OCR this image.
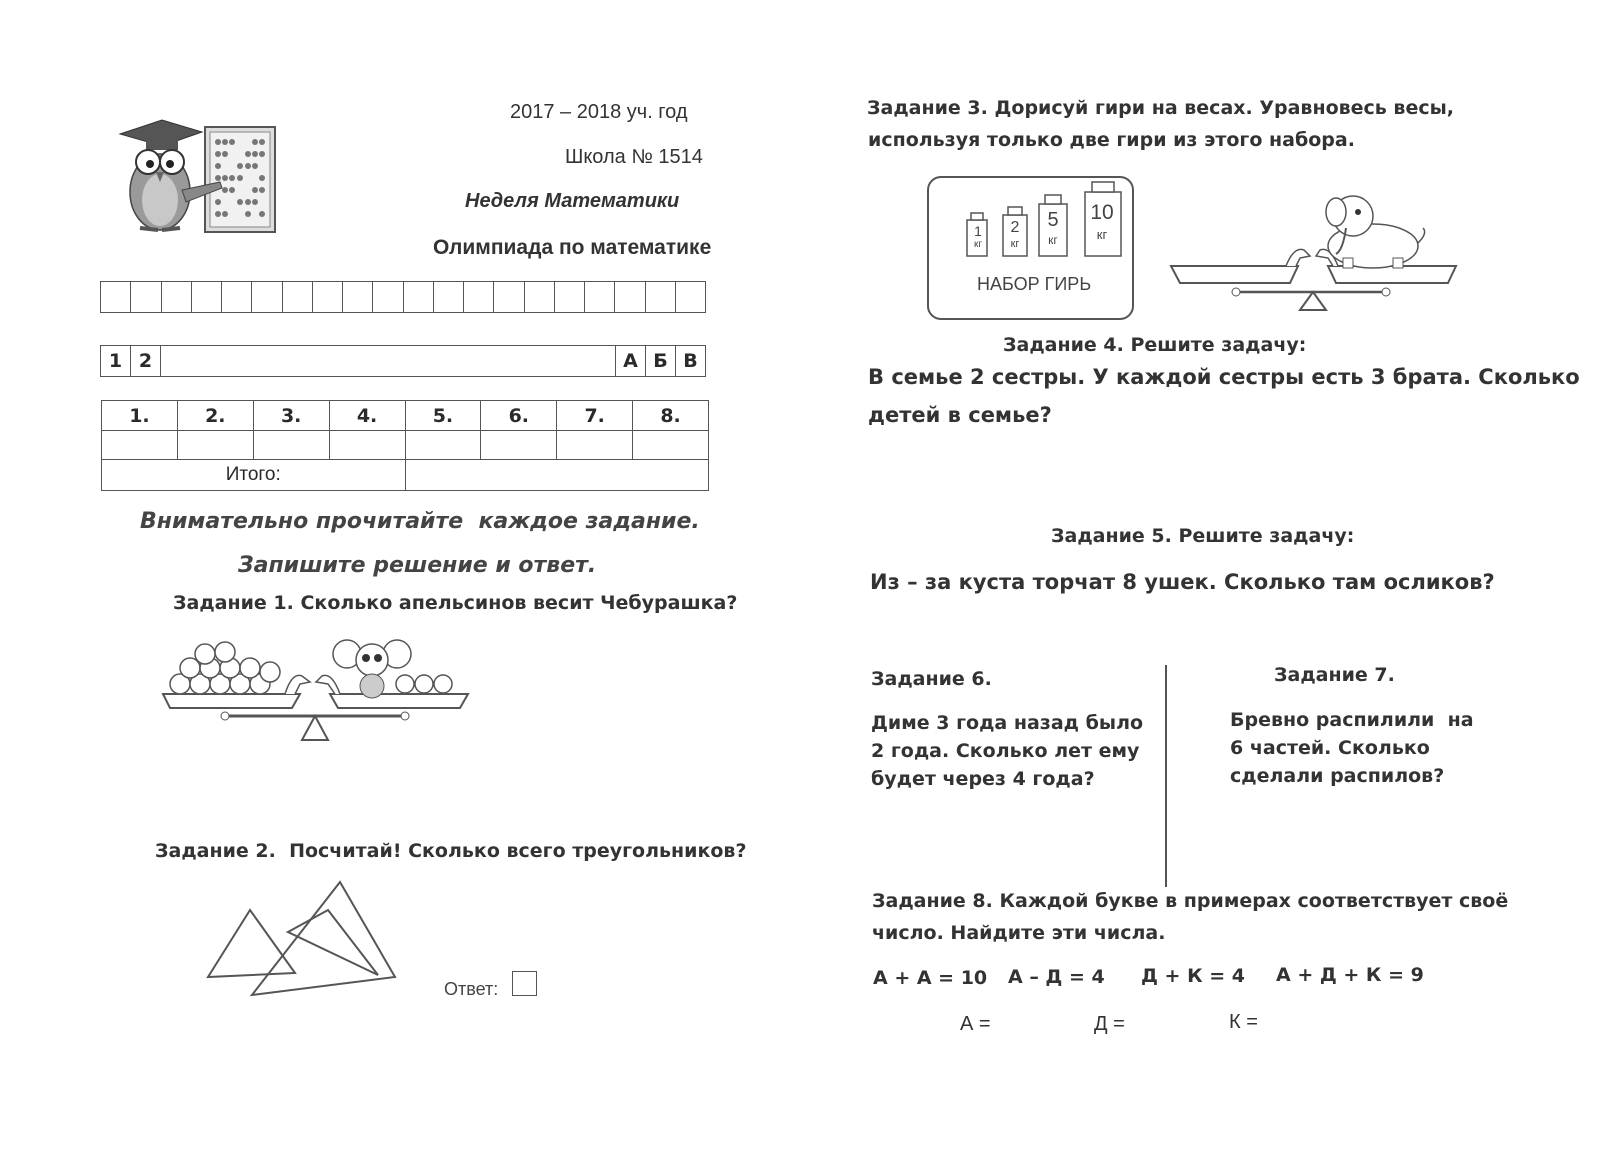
2017 – 2018 уч. год
Школа № 1514
Неделя Математики
Олимпиада по математике

1	2		А	Б	В
1.	2.	3.	4.	5.	6.	7.	8.

Итого:							
Внимательно прочитайте  каждое задание.
Запишите решение и ответ.
Задание 1. Сколько апельсинов весит Чебурашка?
Задание 2.  Посчитай! Сколько всего треугольников?
Ответ:
Задание 3. Дорисуй гири на весах. Уравновесь весы,
используя только две гири из этого набора.
1
кг
2
кг
5
кг
10
кг
НАБОР ГИРЬ
Задание 4. Решите задачу:
В семье 2 сестры. У каждой сестры есть 3 брата. Сколько
детей в семье?
Задание 5. Решите задачу:
Из – за куста торчат 8 ушек. Сколько там осликов?
Задание 6.
Диме 3 года назад было
2 года. Сколько лет ему
будет через 4 года?
Задание 7.
Бревно распилили  на
6 частей. Сколько
сделали распилов?
Задание 8. Каждой букве в примерах соответствует своё
число. Найдите эти числа.
А + А = 10 А – Д = 4 Д + К = 4 А + Д + К = 9
А =	Д =	К =
